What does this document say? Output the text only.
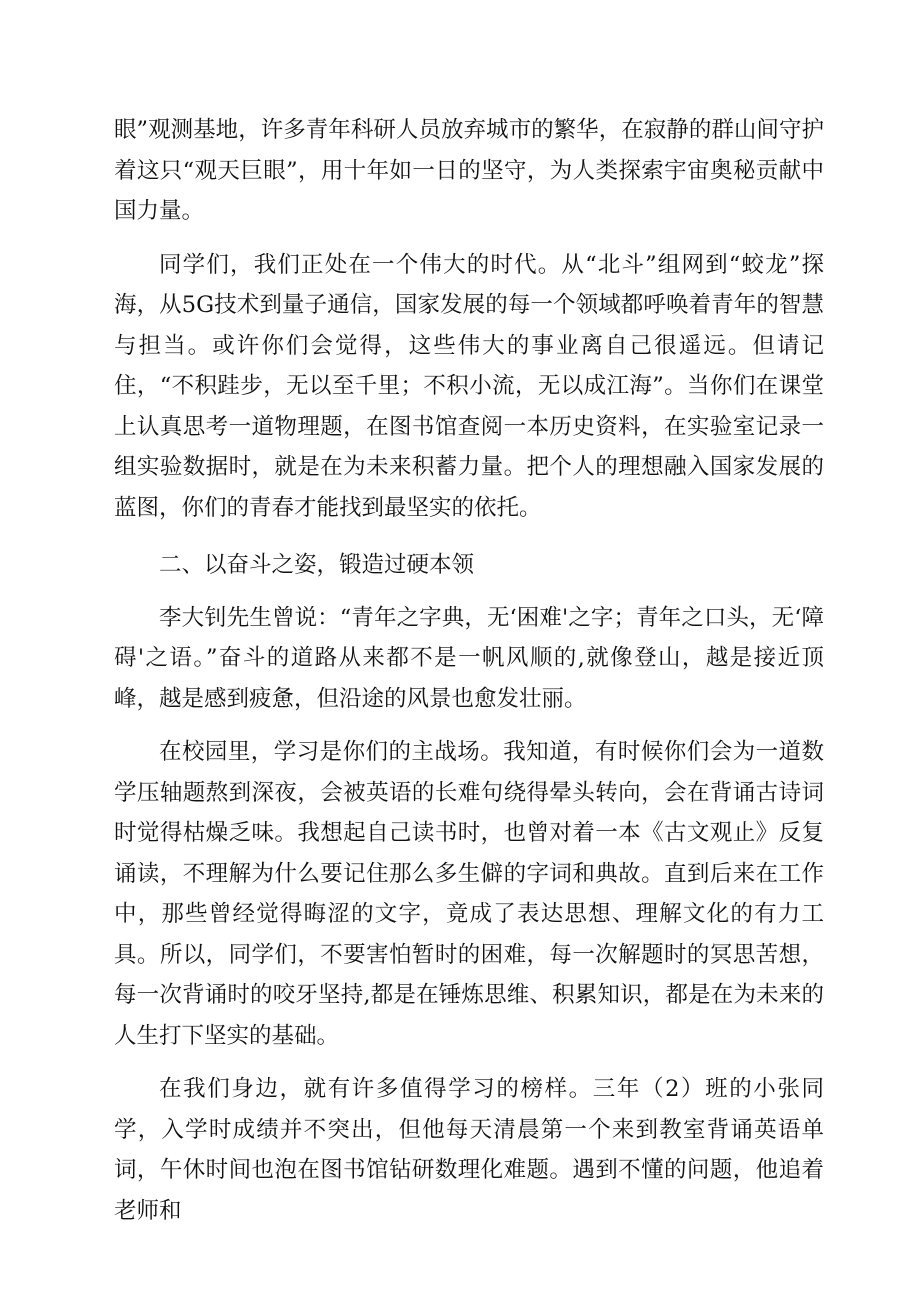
眼”观测基地，许多青年科研人员放弃城市的繁华，在寂静的群山间守护着这只“观天巨眼”，用十年如一日的坚守，为人类探索宇宙奥秘贡献中国力量。

同学们，我们正处在一个伟大的时代。从“北斗”组网到“蛟龙”探海，从5G技术到量子通信，国家发展的每一个领域都呼唤着青年的智慧与担当。或许你们会觉得，这些伟大的事业离自己很遥远。但请记住，“不积跬步，无以至千里；不积小流，无以成江海”。当你们在课堂上认真思考一道物理题，在图书馆查阅一本历史资料，在实验室记录一组实验数据时，就是在为未来积蓄力量。把个人的理想融入国家发展的蓝图，你们的青春才能找到最坚实的依托。

二、以奋斗之姿，锻造过硬本领

李大钊先生曾说：“青年之字典，无‘困难'之字；青年之口头，无‘障碍'之语。”奋斗的道路从来都不是一帆风顺的,就像登山，越是接近顶峰，越是感到疲惫，但沿途的风景也愈发壮丽。

在校园里，学习是你们的主战场。我知道，有时候你们会为一道数学压轴题熬到深夜，会被英语的长难句绕得晕头转向，会在背诵古诗词时觉得枯燥乏味。我想起自己读书时，也曾对着一本《古文观止》反复诵读，不理解为什么要记住那么多生僻的字词和典故。直到后来在工作中，那些曾经觉得晦涩的文字，竟成了表达思想、理解文化的有力工具。所以，同学们，不要害怕暂时的困难，每一次解题时的冥思苦想，每一次背诵时的咬牙坚持,都是在锤炼思维、积累知识，都是在为未来的人生打下坚实的基础。

在我们身边，就有许多值得学习的榜样。三年（2）班的小张同学，入学时成绩并不突出，但他每天清晨第一个来到教室背诵英语单词，午休时间也泡在图书馆钻研数理化难题。遇到不懂的问题，他追着老师和
